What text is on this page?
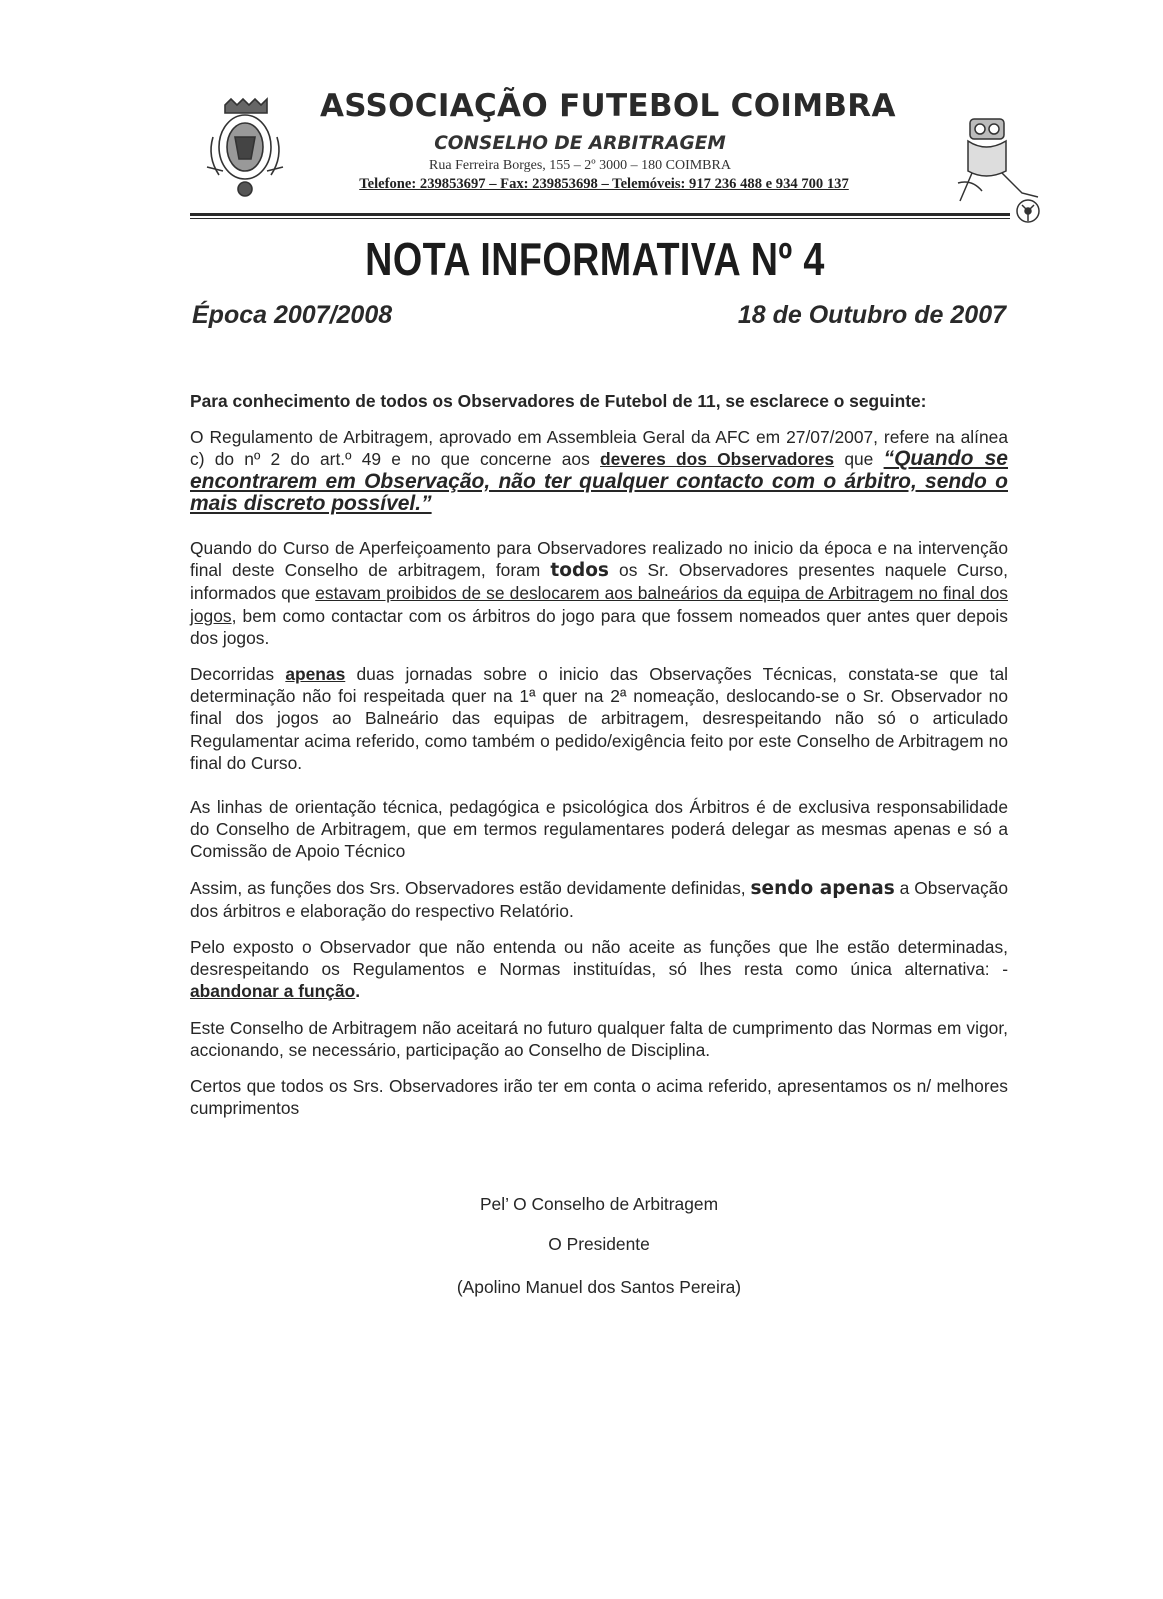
ASSOCIAÇÃO FUTEBOL COIMBRA
CONSELHO DE ARBITRAGEM
Rua Ferreira Borges, 155 – 2º 3000 – 180 COIMBRA
Telefone: 239853697 – Fax: 239853698 – Telemóveis: 917 236 488 e 934 700 137
NOTA INFORMATIVA Nº 4
Época 2007/2008	18 de Outubro de 2007

Para conhecimento de todos os Observadores de Futebol de 11, se esclarece o seguinte:

O Regulamento de Arbitragem, aprovado em Assembleia Geral da AFC em 27/07/2007, refere na alínea c) do nº 2 do art.º 49 e no que concerne aos deveres dos Observadores que “Quando se encontrarem em Observação, não ter qualquer contacto com o árbitro, sendo o mais discreto possível.”

Quando do Curso de Aperfeiçoamento para Observadores realizado no inicio da época e na intervenção final deste Conselho de arbitragem, foram todos os Sr. Observadores presentes naquele Curso, informados que estavam proibidos de se deslocarem aos balneários da equipa de Arbitragem no final dos jogos, bem como contactar com os árbitros do jogo para que fossem nomeados quer antes quer depois dos jogos.

Decorridas apenas duas jornadas sobre o inicio das Observações Técnicas, constata-se que tal determinação não foi respeitada quer na 1ª quer na 2ª nomeação, deslocando-se o Sr. Observador no final dos jogos ao Balneário das equipas de arbitragem, desrespeitando não só o articulado Regulamentar acima referido, como também o pedido/exigência feito por este Conselho de Arbitragem no final do Curso.

As linhas de orientação técnica, pedagógica e psicológica dos Árbitros é de exclusiva responsabilidade do Conselho de Arbitragem, que em termos regulamentares poderá delegar as mesmas apenas e só a Comissão de Apoio Técnico

Assim, as funções dos Srs. Observadores estão devidamente definidas, sendo apenas a Observação dos árbitros e elaboração do respectivo Relatório.

Pelo exposto o Observador que não entenda ou não aceite as funções que lhe estão determinadas, desrespeitando os Regulamentos e Normas instituídas, só lhes resta como única alternativa: - abandonar a função.

Este Conselho de Arbitragem não aceitará no futuro qualquer falta de cumprimento das Normas em vigor, accionando, se necessário, participação ao Conselho de Disciplina.

Certos que todos os Srs. Observadores irão ter em conta o acima referido, apresentamos os n/ melhores cumprimentos

Pel’ O Conselho de Arbitragem
O Presidente
(Apolino Manuel dos Santos Pereira)
